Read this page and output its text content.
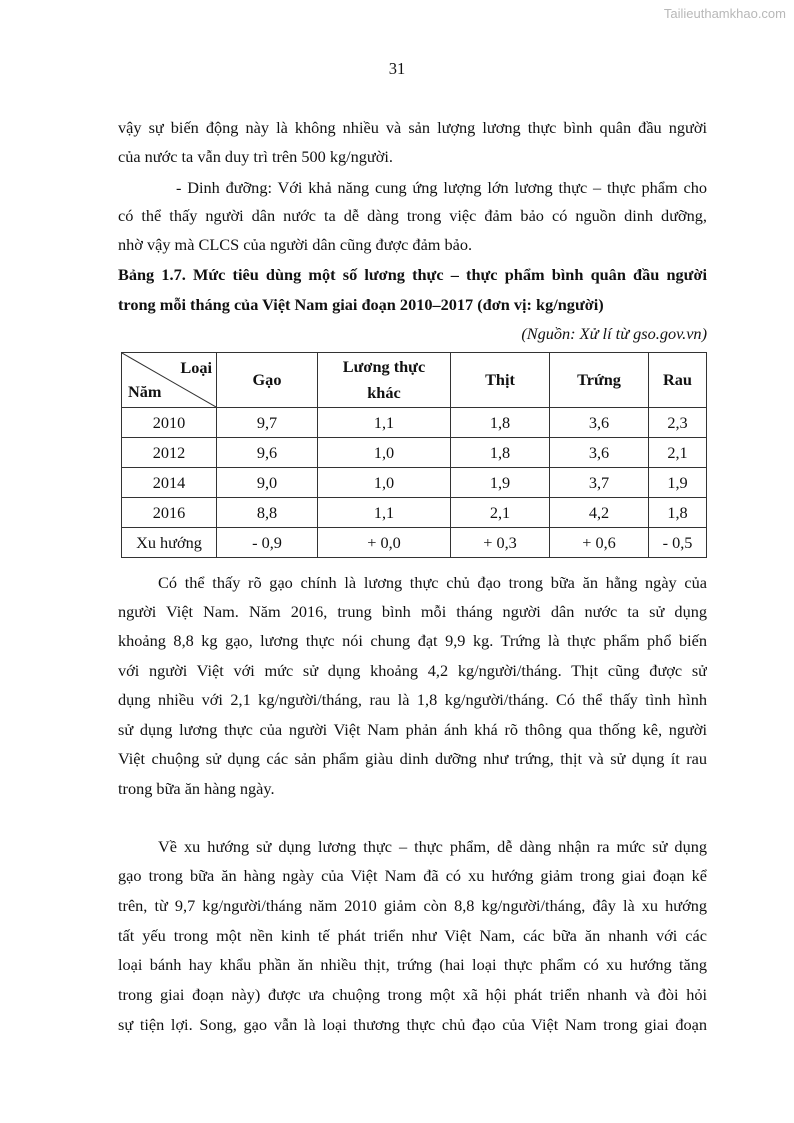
Tailieuthamkhao.com
31
vậy sự biến động này là không nhiều và sản lượng lương thực bình quân đầu người
của nước ta vẫn duy trì trên 500 kg/người.
- Dinh đưỡng: Với khả năng cung ứng lượng lớn lương thực – thực phẩm cho
có thể thấy người dân nước ta dễ dàng trong việc đảm bảo có nguồn dinh dưỡng,
nhờ vậy mà CLCS của người dân cũng được đảm bảo.
Bảng 1.7. Mức tiêu dùng một số lương thực – thực phẩm bình quân đầu người
trong mỗi tháng của Việt Nam giai đoạn 2010–2017 (đơn vị: kg/người)
Có thể thấy rõ gạo chính là lương thực chủ đạo trong bữa ăn hằng ngày của
người Việt Nam. Năm 2016, trung bình mỗi tháng người dân nước ta sử dụng
khoảng 8,8 kg gạo, lương thực nói chung đạt 9,9 kg. Trứng là thực phẩm phổ biến
với người Việt với mức sử dụng khoảng 4,2 kg/người/tháng. Thịt cũng được sử
dụng nhiều với 2,1 kg/người/tháng, rau là 1,8 kg/người/tháng. Có thể thấy tình hình
sử dụng lương thực của người Việt Nam phản ánh khá rõ thông qua thống kê, người
Việt chuộng sử dụng các sản phẩm giàu dinh dưỡng như trứng, thịt và sử dụng ít rau
trong bữa ăn hàng ngày.
Về xu hướng sử dụng lương thực – thực phẩm, dễ dàng nhận ra mức sử dụng
gạo trong bữa ăn hàng ngày của Việt Nam đã có xu hướng giảm trong giai đoạn kể
trên, từ 9,7 kg/người/tháng năm 2010 giảm còn 8,8 kg/người/tháng, đây là xu hướng
tất yếu trong một nền kinh tế phát triển như Việt Nam, các bữa ăn nhanh với các
loại bánh hay khẩu phần ăn nhiều thịt, trứng (hai loại thực phẩm có xu hướng tăng
trong giai đoạn này) được ưa chuộng trong một xã hội phát triển nhanh và đòi hỏi
sự tiện lợi. Song, gạo vẫn là loại thương thực chủ đạo của Việt Nam trong giai đoạn
(Nguồn: Xử lí từ gso.gov.vn)
Loại
Năm	Gạo	Lương thực khác	Thịt	Trứng	Rau
2010	9,7	1,1	1,8	3,6	2,3
2012	9,6	1,0	1,8	3,6	2,1
2014	9,0	1,0	1,9	3,7	1,9
2016	8,8	1,1	2,1	4,2	1,8
Xu hướng	- 0,9	+ 0,0	+ 0,3	+ 0,6	- 0,5
